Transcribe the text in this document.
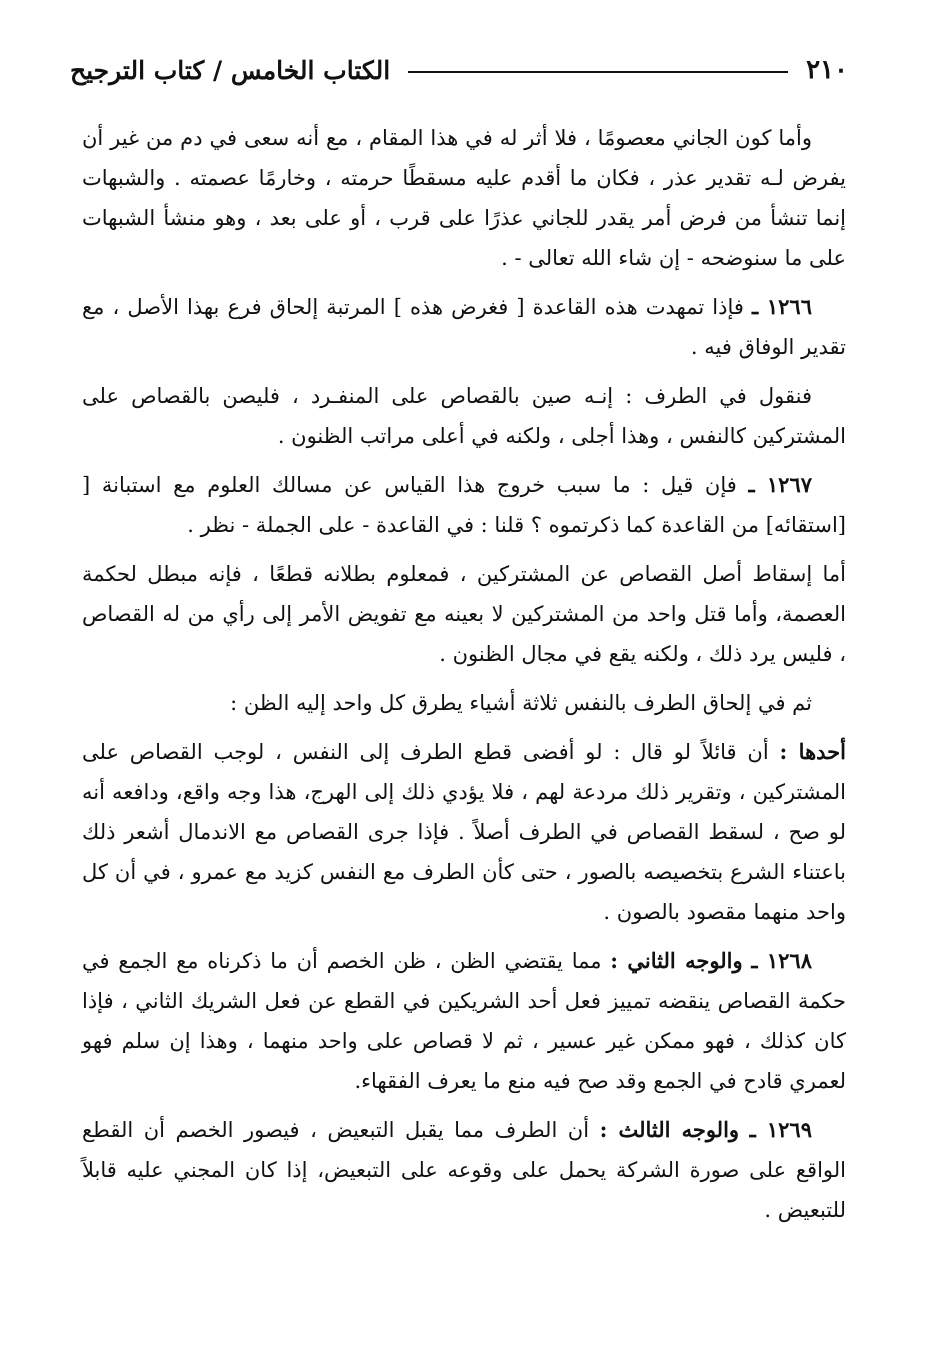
٢١٠
الكتاب الخامس / كتاب الترجيح

وأما كون الجاني معصومًا ، فلا أثر له في هذا المقام ، مع أنه سعى في دم من غير أن يفرض لـه تقدير عذر ، فكان ما أقدم عليه مسقطًا حرمته ، وخارمًا عصمته . والشبهات إنما تنشأ من فرض أمر يقدر للجاني عذرًا على قرب ، أو على بعد ، وهو منشأ الشبهات على ما سنوضحه - إن شاء الله تعالى - .

١٢٦٦ ـ فإذا تمهدت هذه القاعدة [ فغرض هذه ] المرتبة إلحاق فرع بهذا الأصل ، مع تقدير الوفاق فيه .

فنقول في الطرف : إنـه صين بالقصاص على المنفـرد ، فليصن بالقصاص على المشتركين كالنفس ، وهذا أجلى ، ولكنه في أعلى مراتب الظنون .

١٢٦٧ ـ فإن قيل : ما سبب خروج هذا القياس عن مسالك العلوم مع استبانة [ [استقائه] من القاعدة كما ذكرتموه ؟ قلنا : في القاعدة - على الجملة - نظر .

أما إسقاط أصل القصاص عن المشتركين ، فمعلوم بطلانه قطعًا ، فإنه مبطل لحكمة العصمة، وأما قتل واحد من المشتركين لا بعينه مع تفويض الأمر إلى رأي من له القصاص ، فليس يرد ذلك ، ولكنه يقع في مجال الظنون .

ثم في إلحاق الطرف بالنفس ثلاثة أشياء يطرق كل واحد إليه الظن :

أحدها : أن قائلاً لو قال : لو أفضى قطع الطرف إلى النفس ، لوجب القصاص على المشتركين ، وتقرير ذلك مردعة لهم ، فلا يؤدي ذلك إلى الهرج، هذا وجه واقع، ودافعه أنه لو صح ، لسقط القصاص في الطرف أصلاً . فإذا جرى القصاص مع الاندمال أشعر ذلك باعتناء الشرع بتخصيصه بالصور ، حتى كأن الطرف مع النفس كزيد مع عمرو ، في أن كل واحد منهما مقصود بالصون .

١٢٦٨ ـ والوجه الثاني : مما يقتضي الظن ، ظن الخصم أن ما ذكرناه مع الجمع في حكمة القصاص ينقضه تمييز فعل أحد الشريكين في القطع عن فعل الشريك الثاني ، فإذا كان كذلك ، فهو ممكن غير عسير ، ثم لا قصاص على واحد منهما ، وهذا إن سلم فهو لعمري قادح في الجمع وقد صح فيه منع ما يعرف الفقهاء.

١٢٦٩ ـ والوجه الثالث : أن الطرف مما يقبل التبعيض ، فيصور الخصم أن القطع الواقع على صورة الشركة يحمل على وقوعه على التبعيض، إذا كان المجني عليه قابلاً للتبعيض .
